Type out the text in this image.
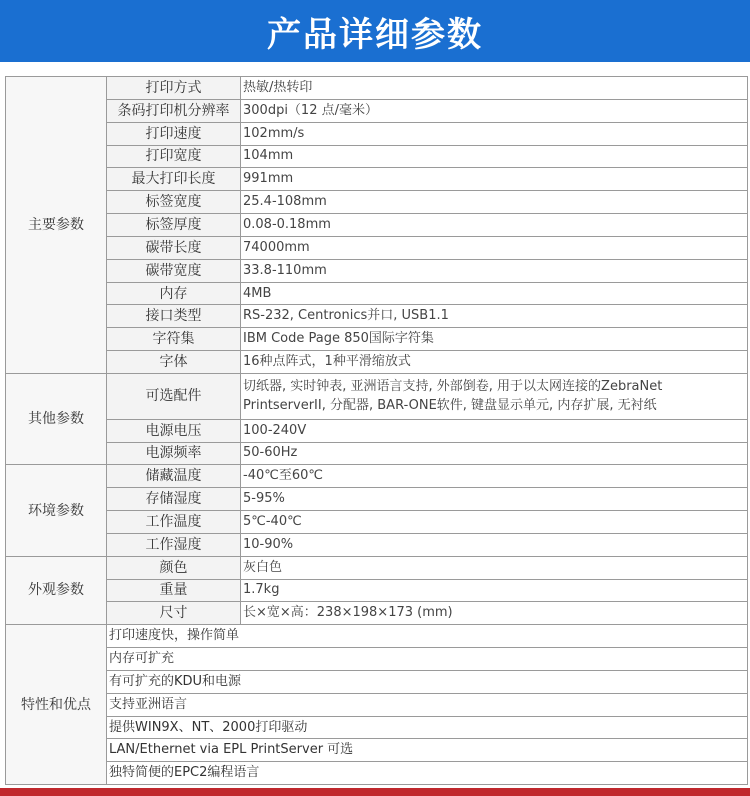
产品详细参数
主要参数	打印方式	热敏/热转印
	条码打印机分辨率	300dpi（12 点/毫米）
	打印速度	102mm/s
	打印宽度	104mm
	最大打印长度	991mm
	标签宽度	25.4-108mm
	标签厚度	0.08-0.18mm
	碳带长度	74000mm
	碳带宽度	33.8-110mm
	内存	4MB
	接口类型	RS-232, Centronics并口, USB1.1
	字符集	IBM Code Page 850国际字符集
	字体	16种点阵式，1种平滑缩放式
其他参数	可选配件	切纸器, 实时钟表, 亚洲语言支持, 外部倒卷, 用于以太网连接的ZebraNet PrintserverII, 分配器, BAR-ONE软件, 键盘显示单元, 内存扩展, 无衬纸
	电源电压	100-240V
	电源频率	50-60Hz
环境参数	储藏温度	-40℃至60℃
	存储湿度	5-95%
	工作温度	5℃-40℃
	工作湿度	10-90%
外观参数	颜色	灰白色
	重量	1.7kg
	尺寸	长×宽×高：238×198×173 (mm)
特性和优点	打印速度快，操作简单	
	内存可扩充	
	有可扩充的KDU和电源	
	支持亚洲语言	
	提供WIN9X、NT、2000打印驱动	
	LAN/Ethernet via EPL PrintServer 可选	
	独特简便的EPC2编程语言	
